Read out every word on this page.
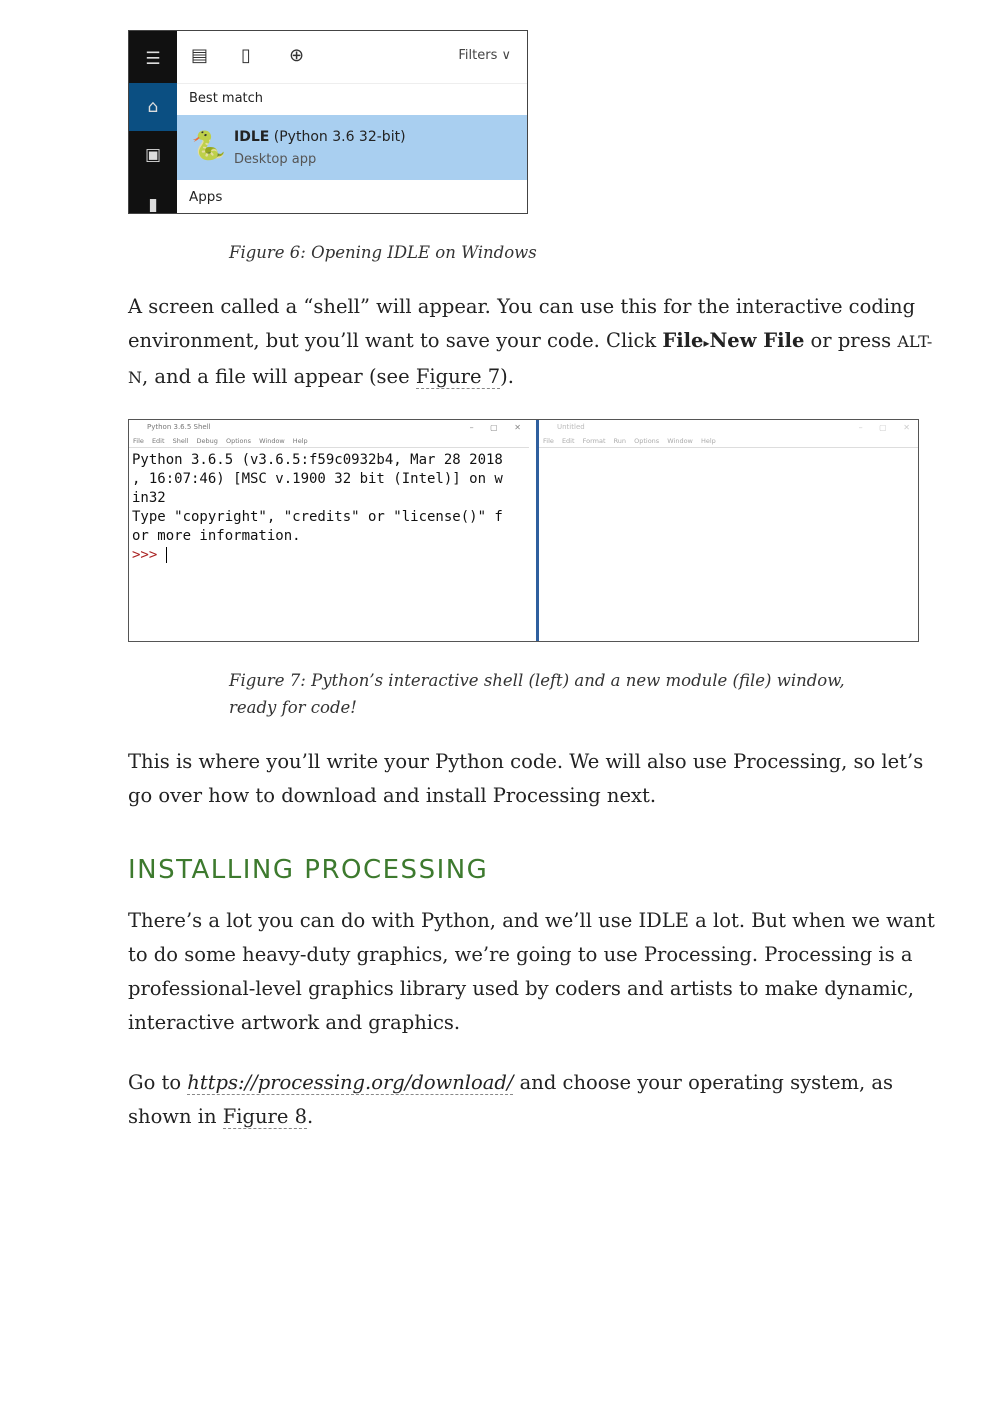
☰
⌂
▣
▮
▤ ▯ ⊕	Filters ∨
Best match
🐍 IDLE (Python 3.6 32-bit)
Desktop app
Apps
Figure 6: Opening IDLE on Windows
A screen called a “shell” will appear. You can use this for the interactive coding environment, but you’ll want to save your code. Click File▸New File or press ALT-N, and a file will appear (see Figure 7).
Python 3.6.5 Shell	– ▢ ✕
File Edit Shell Debug Options Window Help
Python 3.6.5 (v3.6.5:f59c0932b4, Mar 28 2018
, 16:07:46) [MSC v.1900 32 bit (Intel)] on w
in32
Type "copyright", "credits" or "license()" f
or more information.
>>>
Untitled	– ▢ ✕
File Edit Format Run Options Window Help
Figure 7: Python’s interactive shell (left) and a new module (file) window, ready for code!
This is where you’ll write your Python code. We will also use Processing, so let’s go over how to download and install Processing next.
INSTALLING PROCESSING
There’s a lot you can do with Python, and we’ll use IDLE a lot. But when we want to do some heavy-duty graphics, we’re going to use Processing. Processing is a professional-level graphics library used by coders and artists to make dynamic, interactive artwork and graphics.
Go to https://processing.org/download/ and choose your operating system, as shown in Figure 8.
